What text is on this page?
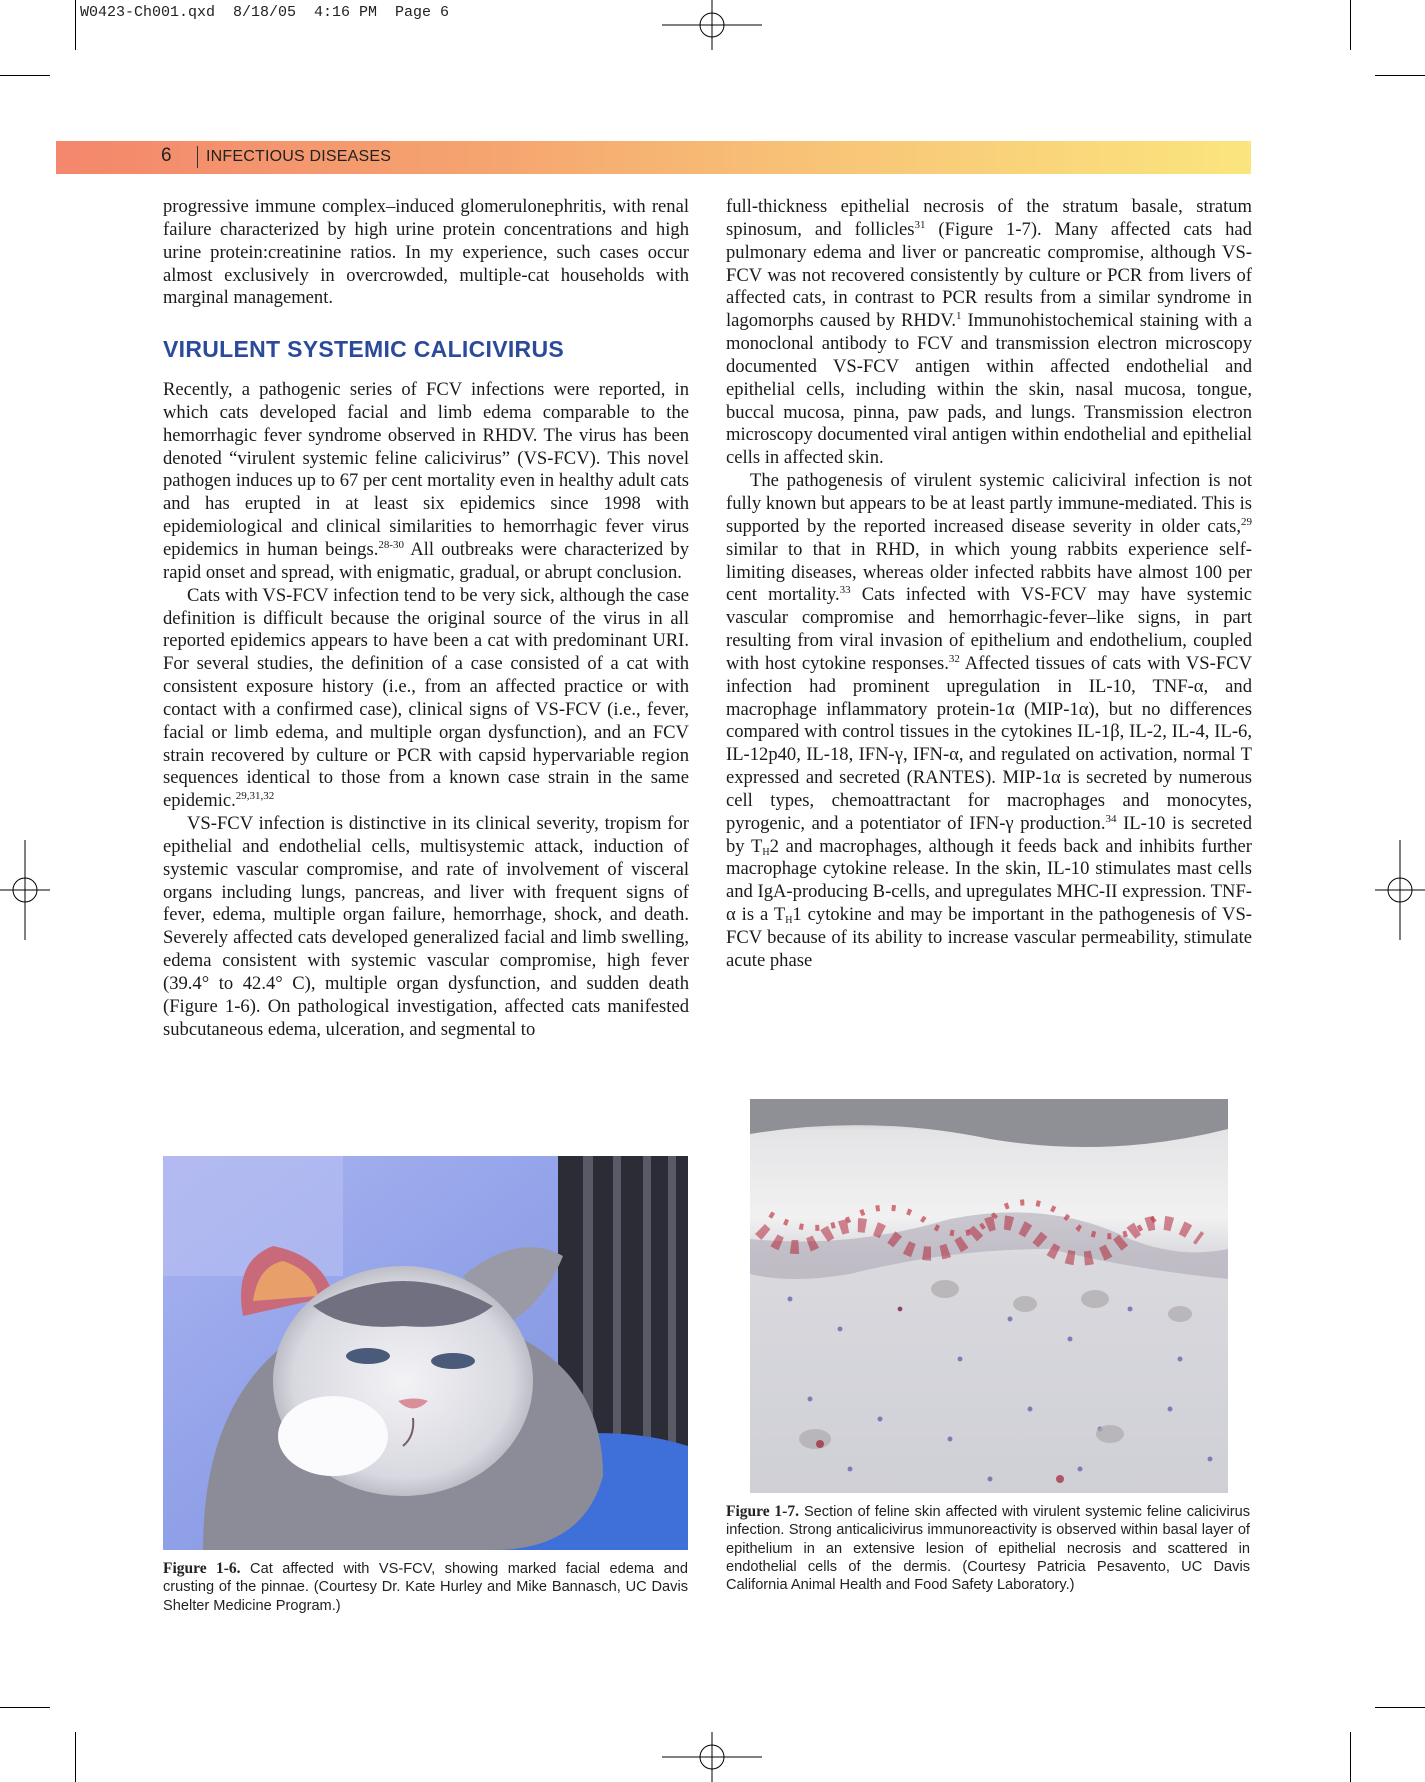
W0423-Ch001.qxd  8/18/05  4:16 PM  Page 6
6 INFECTIOUS DISEASES

progressive immune complex–induced glomerulonephritis, with renal failure characterized by high urine protein concentrations and high urine protein:creatinine ratios. In my experience, such cases occur almost exclusively in overcrowded, multiple-cat households with marginal management.

VIRULENT SYSTEMIC CALICIVIRUS

Recently, a pathogenic series of FCV infections were reported, in which cats developed facial and limb edema comparable to the hemorrhagic fever syndrome observed in RHDV. The virus has been denoted “virulent systemic feline calicivirus” (VS-FCV). This novel pathogen induces up to 67 per cent mortality even in healthy adult cats and has erupted in at least six epidemics since 1998 with epidemiological and clinical similarities to hemorrhagic fever virus epidemics in human beings.$^{28-30}$ All outbreaks were characterized by rapid onset and spread, with enigmatic, gradual, or abrupt conclusion.

Cats with VS-FCV infection tend to be very sick, although the case definition is difficult because the original source of the virus in all reported epidemics appears to have been a cat with predominant URI. For several studies, the definition of a case consisted of a cat with consistent exposure history (i.e., from an affected practice or with contact with a confirmed case), clinical signs of VS-FCV (i.e., fever, facial or limb edema, and multiple organ dysfunction), and an FCV strain recovered by culture or PCR with capsid hypervariable region sequences identical to those from a known case strain in the same epidemic.$^{29,31,32}$

VS-FCV infection is distinctive in its clinical severity, tropism for epithelial and endothelial cells, multisystemic attack, induction of systemic vascular compromise, and rate of involvement of visceral organs including lungs, pancreas, and liver with frequent signs of fever, edema, multiple organ failure, hemorrhage, shock, and death. Severely affected cats developed generalized facial and limb swelling, edema consistent with systemic vascular compromise, high fever (39.4° to 42.4° C), multiple organ dysfunction, and sudden death (Figure 1-6). On pathological investigation, affected cats manifested subcutaneous edema, ulceration, and segmental to

full-thickness epithelial necrosis of the stratum basale, stratum spinosum, and follicles$^{31}$ (Figure 1-7). Many affected cats had pulmonary edema and liver or pancreatic compromise, although VS-FCV was not recovered consistently by culture or PCR from livers of affected cats, in contrast to PCR results from a similar syndrome in lagomorphs caused by RHDV.$^1$ Immunohistochemical staining with a monoclonal antibody to FCV and transmission electron microscopy documented VS-FCV antigen within affected endothelial and epithelial cells, including within the skin, nasal mucosa, tongue, buccal mucosa, pinna, paw pads, and lungs. Transmission electron microscopy documented viral antigen within endothelial and epithelial cells in affected skin.

The pathogenesis of virulent systemic caliciviral infection is not fully known but appears to be at least partly immune-mediated. This is supported by the reported increased disease severity in older cats,$^{29}$ similar to that in RHD, in which young rabbits experience self-limiting diseases, whereas older infected rabbits have almost 100 per cent mortality.$^{33}$ Cats infected with VS-FCV may have systemic vascular compromise and hemorrhagic-fever–like signs, in part resulting from viral invasion of epithelium and endothelium, coupled with host cytokine responses.$^{32}$ Affected tissues of cats with VS-FCV infection had prominent upregulation in IL-10, TNF-α, and macrophage inflammatory protein-1α (MIP-1α), but no differences compared with control tissues in the cytokines IL-1β, IL-2, IL-4, IL-6, IL-12p40, IL-18, IFN-γ, IFN-α, and regulated on activation, normal T expressed and secreted (RANTES). MIP-1α is secreted by numerous cell types, chemoattractant for macrophages and monocytes, pyrogenic, and a potentiator of IFN-γ production.$^{34}$ IL-10 is secreted by $T_H2$ and macrophages, although it feeds back and inhibits further macrophage cytokine release. In the skin, IL-10 stimulates mast cells and IgA-producing B-cells, and upregulates MHC-II expression. TNF-α is a $T_H1$ cytokine and may be important in the pathogenesis of VS-FCV because of its ability to increase vascular permeability, stimulate acute phase

Figure 1-6. Cat affected with VS-FCV, showing marked facial edema and crusting of the pinnae. (Courtesy Dr. Kate Hurley and Mike Bannasch, UC Davis Shelter Medicine Program.)
Figure 1-7. Section of feline skin affected with virulent systemic feline calicivirus infection. Strong anticalicivirus immunoreactivity is observed within basal layer of epithelium in an extensive lesion of epithelial necrosis and scattered in endothelial cells of the dermis. (Courtesy Patricia Pesavento, UC Davis California Animal Health and Food Safety Laboratory.)
